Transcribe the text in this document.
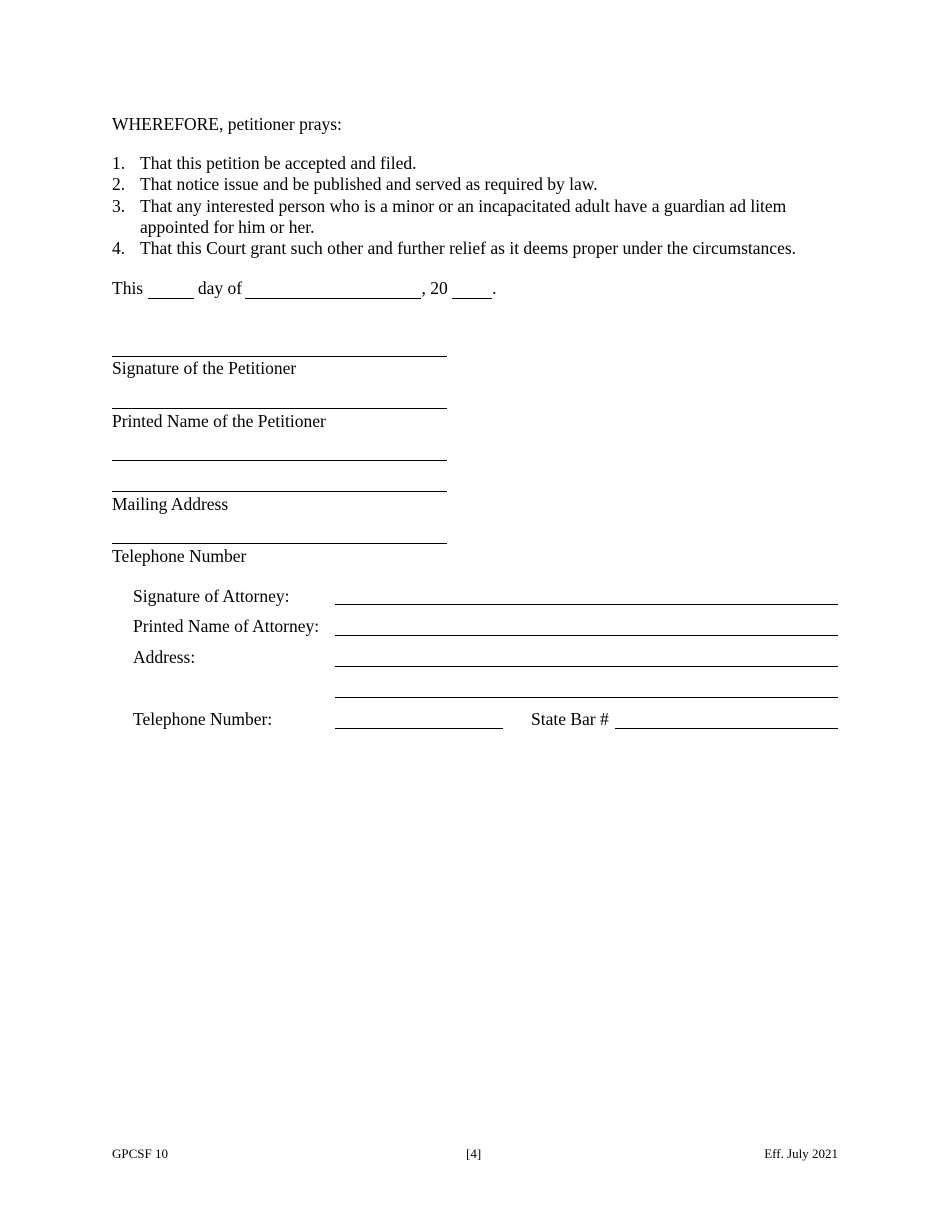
WHEREFORE, petitioner prays:
1. That this petition be accepted and filed.
2. That notice issue and be published and served as required by law.
3. That any interested person who is a minor or an incapacitated adult have a guardian ad litem
appointed for him or her.
4. That this Court grant such other and further relief as it deems proper under the circumstances.
This	day of	, 20	.
Signature of the Petitioner
Printed Name of the Petitioner
Mailing Address
Telephone Number
Signature of Attorney:
Printed Name of Attorney:
Address:
Telephone Number:	State Bar #
GPCSF 10	[4]	Eff. July 2021
